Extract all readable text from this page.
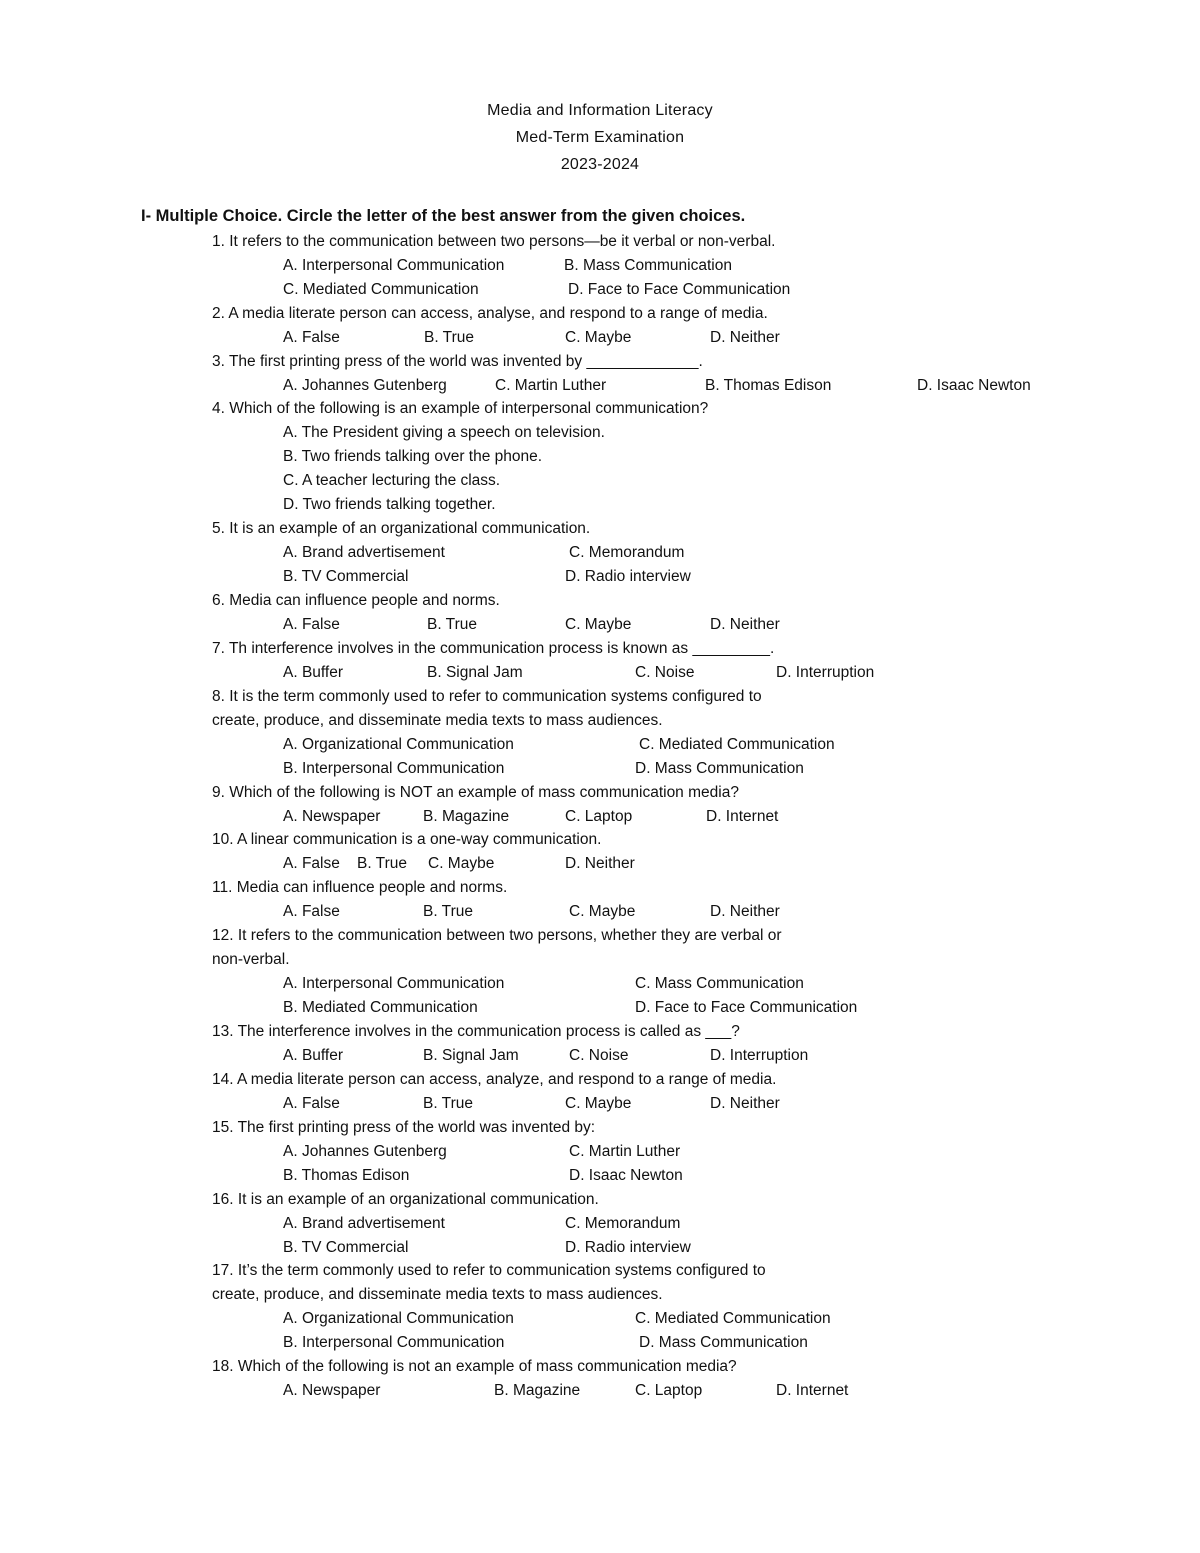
Media and Information Literacy
Med-Term Examination
2023-2024
I- Multiple Choice. Circle the letter of the best answer from the given choices.
1. It refers to the communication between two persons—be it verbal or non-verbal.
A. Interpersonal Communication	B. Mass Communication
C. Mediated Communication	D. Face to Face Communication
2. A media literate person can access, analyse, and respond to a range of media.
A. False	B. True	C. Maybe	D. Neither
3. The first printing press of the world was invented by _____________.
A. Johannes Gutenberg	C. Martin Luther	B. Thomas Edison	D. Isaac Newton
4. Which of the following is an example of interpersonal communication?
A. The President giving a speech on television.
B. Two friends talking over the phone.
C. A teacher lecturing the class.
D. Two friends talking together.
5. It is an example of an organizational communication.
A. Brand advertisement	C. Memorandum
B. TV Commercial	D. Radio interview
6. Media can influence people and norms.
A. False	B. True	C. Maybe	D. Neither
7. Th interference involves in the communication process is known as _________.
A. Buffer	B. Signal Jam	C. Noise	D. Interruption
8. It is the term commonly used to refer to communication systems configured to
create, produce, and disseminate media texts to mass audiences.
A. Organizational Communication	C. Mediated Communication
B. Interpersonal Communication	D. Mass Communication
9. Which of the following is NOT an example of mass communication media?
A. Newspaper	B. Magazine	C. Laptop	D. Internet
10. A linear communication is a one-way communication.
A. False B. True C. Maybe	D. Neither
11. Media can influence people and norms.
A. False	B. True	C. Maybe	D. Neither
12. It refers to the communication between two persons, whether they are verbal or
non-verbal.
A. Interpersonal Communication	C. Mass Communication
B. Mediated Communication	D. Face to Face Communication
13. The interference involves in the communication process is called as ___?
A. Buffer	B. Signal Jam	C. Noise	D. Interruption
14. A media literate person can access, analyze, and respond to a range of media.
A. False	B. True	C. Maybe	D. Neither
15. The first printing press of the world was invented by:
A. Johannes Gutenberg	C. Martin Luther
B. Thomas Edison	D. Isaac Newton
16. It is an example of an organizational communication.
A. Brand advertisement	C. Memorandum
B. TV Commercial	D. Radio interview
17. It’s the term commonly used to refer to communication systems configured to
create, produce, and disseminate media texts to mass audiences.
A. Organizational Communication	C. Mediated Communication
B. Interpersonal Communication	D. Mass Communication
18. Which of the following is not an example of mass communication media?
A. Newspaper	B. Magazine	C. Laptop	D. Internet
